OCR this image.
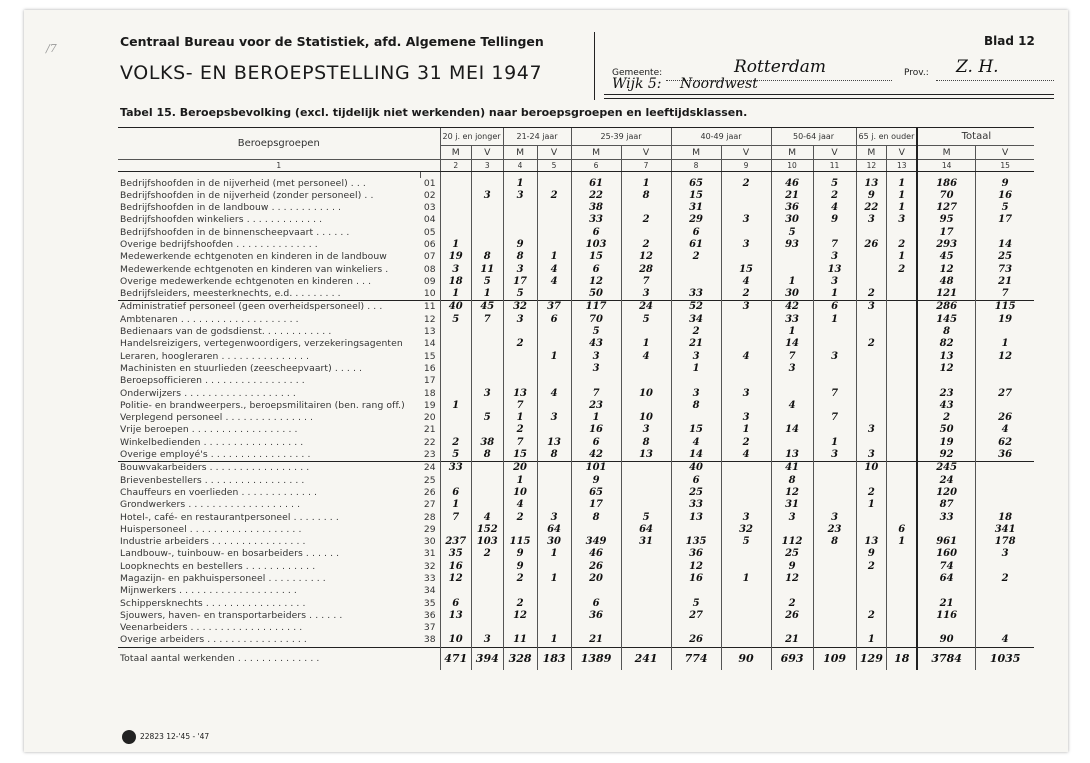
/7	Centraal Bureau voor de Statistiek, afd. Algemene Tellingen
VOLKS- EN BEROEPSTELLING 31 MEI 1947
Blad 12
Gemeente:	Rotterdam	Prov.: Z. H.
Wijk 5: Noordwest
Tabel 15. Beroepsbevolking (excl. tijdelijk niet werkenden) naar beroepsgroepen en leeftijdsklassen.
22823 12-'45 - '47
Beroepsgroepen		20 j. en jonger		21-24 jaar		25-39 jaar		40-49 jaar		50-64 jaar		65 j. en ouder		Totaal	
		M	V	M	V	M	V	M	V	M	V	M	V	M	V
1		2	3	4	5	6	7	8	9	10	11	12	13	14	15

Bedrijfshoofden in de nijverheid (met personeel) . . .	01			1		61	1	65	2	46	5	13	1	186	9
Bedrijfshoofden in de nijverheid (zonder personeel) . .	02		3	3	2	22	8	15		21	2	9	1	70	16
Bedrijfshoofden in de landbouw . . . . . . . . . . . .	03					38		31		36	4	22	1	127	5
Bedrijfshoofden winkeliers . . . . . . . . . . . . .	04					33	2	29	3	30	9	3	3	95	17
Bedrijfshoofden in de binnenscheepvaart . . . . . .	05					6		6		5				17	
Overige bedrijfshoofden . . . . . . . . . . . . . .	06	1		9		103	2	61	3	93	7	26	2	293	14
Medewerkende echtgenoten en kinderen in de landbouw	07	19	8	8	1	15	12	2			3		1	45	25
Medewerkende echtgenoten en kinderen van winkeliers .	08	3	11	3	4	6	28		15		13		2	12	73
Overige medewerkende echtgenoten en kinderen . . .	09	18	5	17	4	12	7		4	1	3			48	21
Bedrijfsleiders, meesterknechts, e.d. . . . . . . . .	10	1	1	5		50	3	33	2	30	1	2		121	7
Administratief personeel (geen overheidspersoneel) . . .	11	40	45	32	37	117	24	52	3	42	6	3		286	115
Ambtenaren . . . . . . . . . . . . . . . . . . . .	12	5	7	3	6	70	5	34		33	1			145	19
Bedienaars van de godsdienst. . . . . . . . . . . .	13					5		2		1				8	
Handelsreizigers, vertegenwoordigers, verzekeringsagenten	14			2		43	1	21		14		2		82	1
Leraren, hoogleraren . . . . . . . . . . . . . . .	15				1	3	4	3	4	7	3			13	12
Machinisten en stuurlieden (zeescheepvaart) . . . . .	16					3		1		3				12	
Beroepsofficieren . . . . . . . . . . . . . . . . .	17														
Onderwijzers . . . . . . . . . . . . . . . . . . .	18		3	13	4	7	10	3	3		7			23	27
Politie- en brandweerpers., beroepsmilitairen (ben. rang off.)	19	1		7		23		8		4				43	
Verplegend personeel . . . . . . . . . . . . . . .	20		5	1	3	1	10		3		7			2	26
Vrije beroepen . . . . . . . . . . . . . . . . . .	21			2		16	3	15	1	14		3		50	4
Winkelbedienden . . . . . . . . . . . . . . . . .	22	2	38	7	13	6	8	4	2		1			19	62
Overige employé's . . . . . . . . . . . . . . . . .	23	5	8	15	8	42	13	14	4	13	3	3		92	36
Bouwvakarbeiders . . . . . . . . . . . . . . . . .	24	33		20		101		40		41		10		245	
Brievenbestellers . . . . . . . . . . . . . . . . .	25			1		9		6		8				24	
Chauffeurs en voerlieden . . . . . . . . . . . . .	26	6		10		65		25		12		2		120	
Grondwerkers . . . . . . . . . . . . . . . . . . .	27	1		4		17		33		31		1		87	
Hotel-, café- en restaurantpersoneel . . . . . . . .	28	7	4	2	3	8	5	13	3	3	3			33	18
Huispersoneel . . . . . . . . . . . . . . . . . . .	29		152		64		64		32		23		6		341
Industrie arbeiders . . . . . . . . . . . . . . . .	30	237	103	115	30	349	31	135	5	112	8	13	1	961	178
Landbouw-, tuinbouw- en bosarbeiders . . . . . .	31	35	2	9	1	46		36		25		9		160	3
Loopknechts en bestellers . . . . . . . . . . . .	32	16		9		26		12		9		2		74	
Magazijn- en pakhuispersoneel . . . . . . . . . .	33	12		2	1	20		16	1	12				64	2
Mijnwerkers . . . . . . . . . . . . . . . . . . . .	34														
Schippersknechts . . . . . . . . . . . . . . . . .	35	6		2		6		5		2				21	
Sjouwers, haven- en transportarbeiders . . . . . .	36	13		12		36		27		26		2		116	
Veenarbeiders . . . . . . . . . . . . . . . . . . .	37														
Overige arbeiders . . . . . . . . . . . . . . . . .	38	10	3	11	1	21		26		21		1		90	4
Totaal aantal werkenden . . . . . . . . . . . . . .		471	394	328	183	1389	241	774	90	693	109	129	18	3784	1035
